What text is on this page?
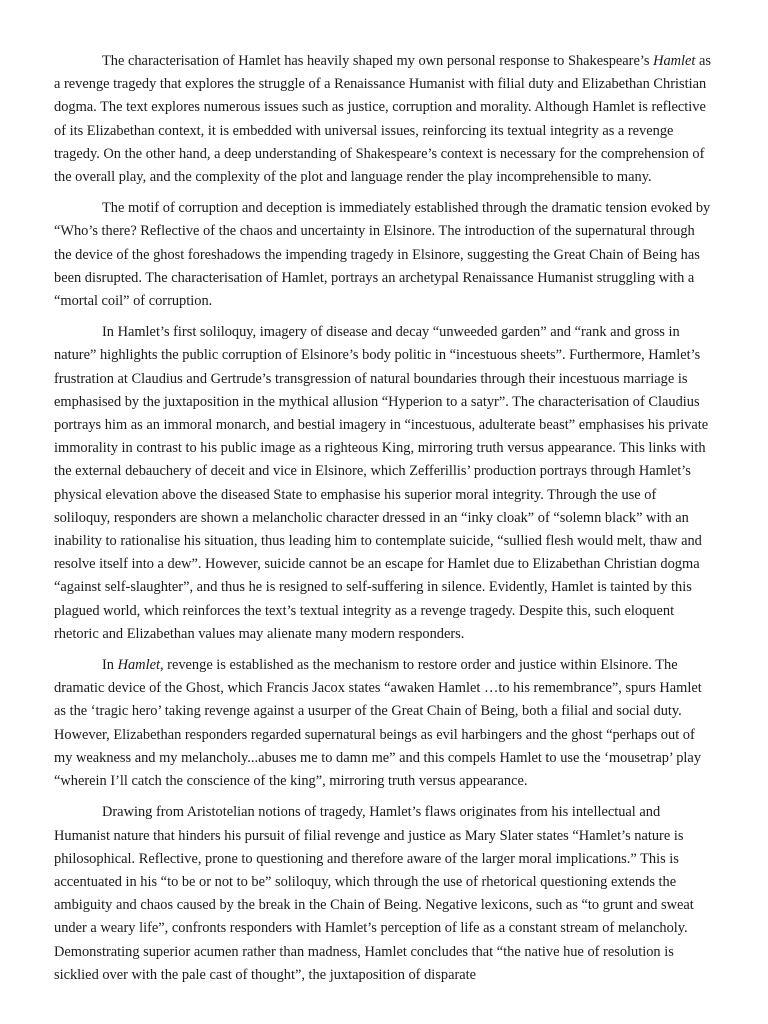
The characterisation of Hamlet has heavily shaped my own personal response to Shakespeare’s Hamlet as a revenge tragedy that explores the struggle of a Renaissance Humanist with filial duty and Elizabethan Christian dogma. The text explores numerous issues such as justice, corruption and morality. Although Hamlet is reflective of its Elizabethan context, it is embedded with universal issues, reinforcing its textual integrity as a revenge tragedy. On the other hand, a deep understanding of Shakespeare’s context is necessary for the comprehension of the overall play, and the complexity of the plot and language render the play incomprehensible to many.

The motif of corruption and deception is immediately established through the dramatic tension evoked by “Who’s there? Reflective of the chaos and uncertainty in Elsinore. The introduction of the supernatural through the device of the ghost foreshadows the impending tragedy in Elsinore, suggesting the Great Chain of Being has been disrupted. The characterisation of Hamlet, portrays an archetypal Renaissance Humanist struggling with a “mortal coil” of corruption.

In Hamlet’s first soliloquy, imagery of disease and decay “unweeded garden” and “rank and gross in nature” highlights the public corruption of Elsinore’s body politic in “incestuous sheets”. Furthermore, Hamlet’s frustration at Claudius and Gertrude’s transgression of natural boundaries through their incestuous marriage is emphasised by the juxtaposition in the mythical allusion “Hyperion to a satyr”. The characterisation of Claudius portrays him as an immoral monarch, and bestial imagery in “incestuous, adulterate beast” emphasises his private immorality in contrast to his public image as a righteous King, mirroring truth versus appearance. This links with the external debauchery of deceit and vice in Elsinore, which Zefferillis’ production portrays through Hamlet’s physical elevation above the diseased State to emphasise his superior moral integrity. Through the use of soliloquy, responders are shown a melancholic character dressed in an “inky cloak” of “solemn black” with an inability to rationalise his situation, thus leading him to contemplate suicide, “sullied flesh would melt, thaw and resolve itself into a dew”. However, suicide cannot be an escape for Hamlet due to Elizabethan Christian dogma “against self-slaughter”, and thus he is resigned to self-suffering in silence. Evidently, Hamlet is tainted by this plagued world, which reinforces the text’s textual integrity as a revenge tragedy. Despite this, such eloquent rhetoric and Elizabethan values may alienate many modern responders.

In Hamlet, revenge is established as the mechanism to restore order and justice within Elsinore. The dramatic device of the Ghost, which Francis Jacox states “awaken Hamlet …to his remembrance”, spurs Hamlet as the ‘tragic hero’ taking revenge against a usurper of the Great Chain of Being, both a filial and social duty. However, Elizabethan responders regarded supernatural beings as evil harbingers and the ghost “perhaps out of my weakness and my melancholy...abuses me to damn me” and this compels Hamlet to use the ‘mousetrap’ play “wherein I’ll catch the conscience of the king”, mirroring truth versus appearance.

Drawing from Aristotelian notions of tragedy, Hamlet’s flaws originates from his intellectual and Humanist nature that hinders his pursuit of filial revenge and justice as Mary Slater states “Hamlet’s nature is philosophical. Reflective, prone to questioning and therefore aware of the larger moral implications.” This is accentuated in his “to be or not to be” soliloquy, which through the use of rhetorical questioning extends the ambiguity and chaos caused by the break in the Chain of Being. Negative lexicons, such as “to grunt and sweat under a weary life”, confronts responders with Hamlet’s perception of life as a constant stream of melancholy. Demonstrating superior acumen rather than madness, Hamlet concludes that “the native hue of resolution is sicklied over with the pale cast of thought”, the juxtaposition of disparate
